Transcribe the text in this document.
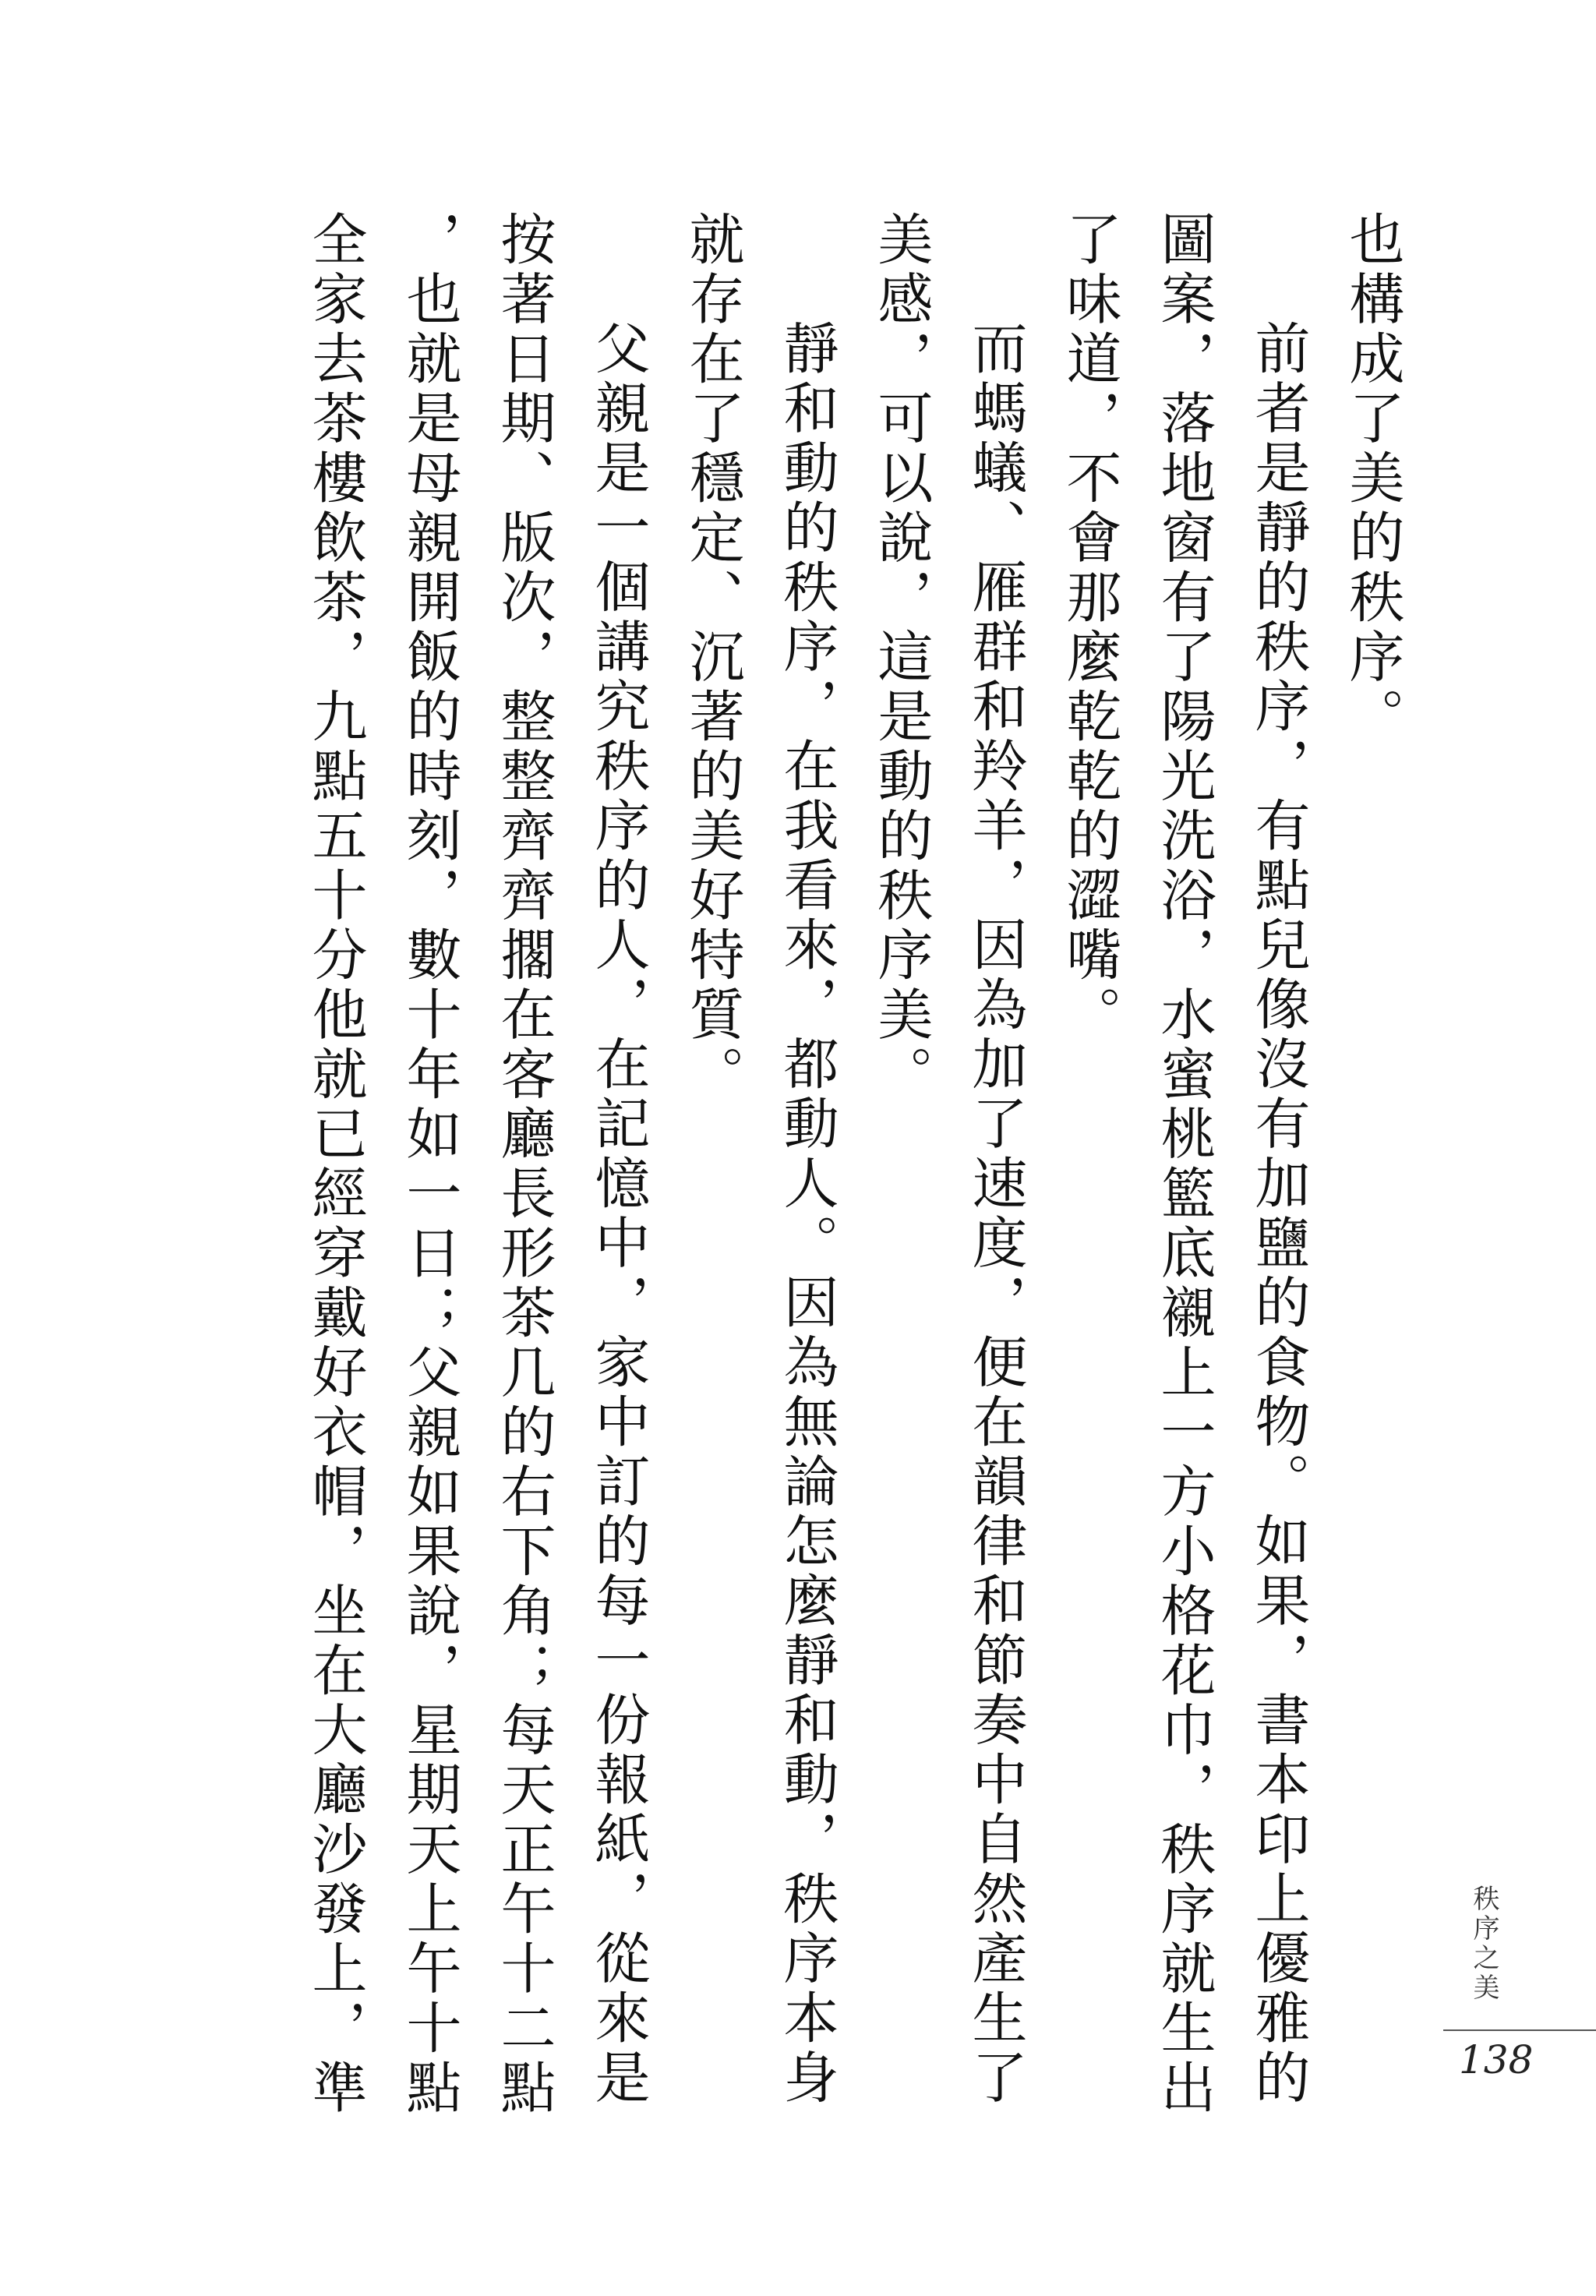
全家去茶樓飲茶，九點五十分他就已經穿戴好衣帽，坐在大廳沙發上，準 ，也就是母親開飯的時刻，數十年如一日；父親如果說，星期天上午十點 按著日期、版次，整整齊齊擱在客廳長形茶几的右下角；每天正午十二點 父親是一個講究秩序的人，在記憶中，家中訂的每一份報紙，從來是 就存在了穩定、沉著的美好特質。 靜和動的秩序，在我看來，都動人。因為無論怎麼靜和動，秩序本身 美感，可以說，這是動的秩序美。 而螞蟻、雁群和羚羊，因為加了速度，便在韻律和節奏中自然產生了 了味道，不會那麼乾乾的澀嘴。 圖案，落地窗有了陽光洗浴，水蜜桃籃底襯上一方小格花巾，秩序就生出 前者是靜的秩序，有點兒像沒有加鹽的食物。如果，書本印上優雅的 也構成了美的秩序。
秩序之美
138
